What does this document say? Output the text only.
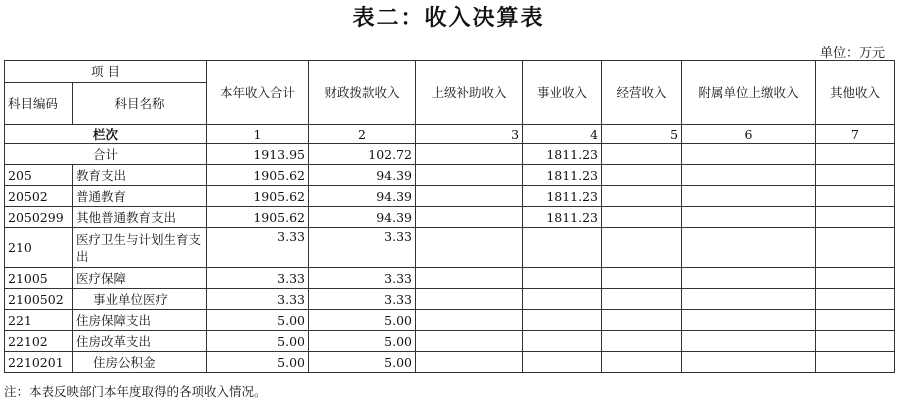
表二：收入决算表
单位：万元
项 目		本年收入合计	财政拨款收入	上级补助收入	事业收入	经营收入	附属单位上缴收入	其他收入
科目编码	科目名称							
栏次		1	2	3	4	5	6	7
合计		1913.95	102.72		1811.23			
205	教育支出	1905.62	94.39		1811.23			
20502	普通教育	1905.62	94.39		1811.23			
2050299	其他普通教育支出	1905.62	94.39		1811.23			
210	医疗卫生与计划生育支出	3.33	3.33					
21005	医疗保障	3.33	3.33					
2100502	事业单位医疗	3.33	3.33					
221	住房保障支出	5.00	5.00					
22102	住房改革支出	5.00	5.00					
2210201	住房公积金	5.00	5.00					
注：本表反映部门本年度取得的各项收入情况。
